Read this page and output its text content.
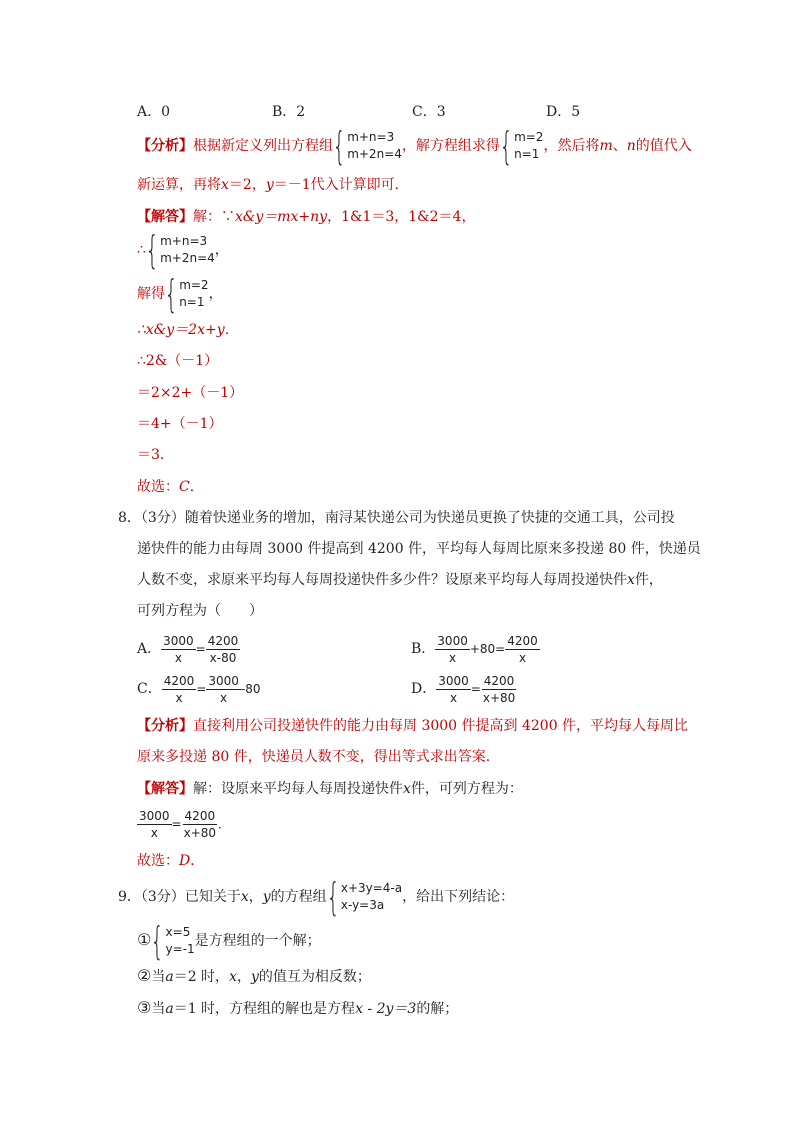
A．0	B．2	C．3	D．5
【分析】根据新定义列出方程组 { m+n=3
m+2n=4 ，解方程组求得 { m=2
n=1 ，然后将m、n的值代入
新运算，再将x＝2，y＝－1代入计算即可．
【解答】解：∵x&y＝mx+ny，1&1＝3，1&2＝4，
∴ { m+n=3
m+2n=4 ，
解得 { m=2
n=1 ，
∴x&y＝2x+y．
∴2&（－1）
＝2×2+（－1）
＝4+（－1）
＝3．
故选：C．
8．（3分）随着快递业务的增加，南浔某快递公司为快递员更换了快捷的交通工具，公司投
递快件的能力由每周 3000 件提高到 4200 件，平均每人每周比原来多投递 80 件，快递员
人数不变，求原来平均每人每周投递快件多少件？设原来平均每人每周投递快件x件，
可列方程为（　　）
A． $\frac{3000}{x} = \frac{4200}{x-80}$	B． $\frac{3000}{x} +80= \frac{4200}{x}$
C． $\frac{4200}{x} = \frac{3000}{x} -80$	D． $\frac{3000}{x} = \frac{4200}{x+80}$
【分析】直接利用公司投递快件的能力由每周 3000 件提高到 4200 件，平均每人每周比
原来多投递 80 件，快递员人数不变，得出等式求出答案．
【解答】解：设原来平均每人每周投递快件x件，可列方程为：
$\frac{3000}{x} = \frac{4200}{x+80}$ ．
故选：D．
9．（3分）已知关于x，y的方程组 { x+3y=4-a
x-y=3a	，给出下列结论：
① { x=5
y=-1 是方程组的一个解；
②当a＝2 时，x，y的值互为相反数；
③当a＝1 时，方程组的解也是方程x - 2y＝3的解；
